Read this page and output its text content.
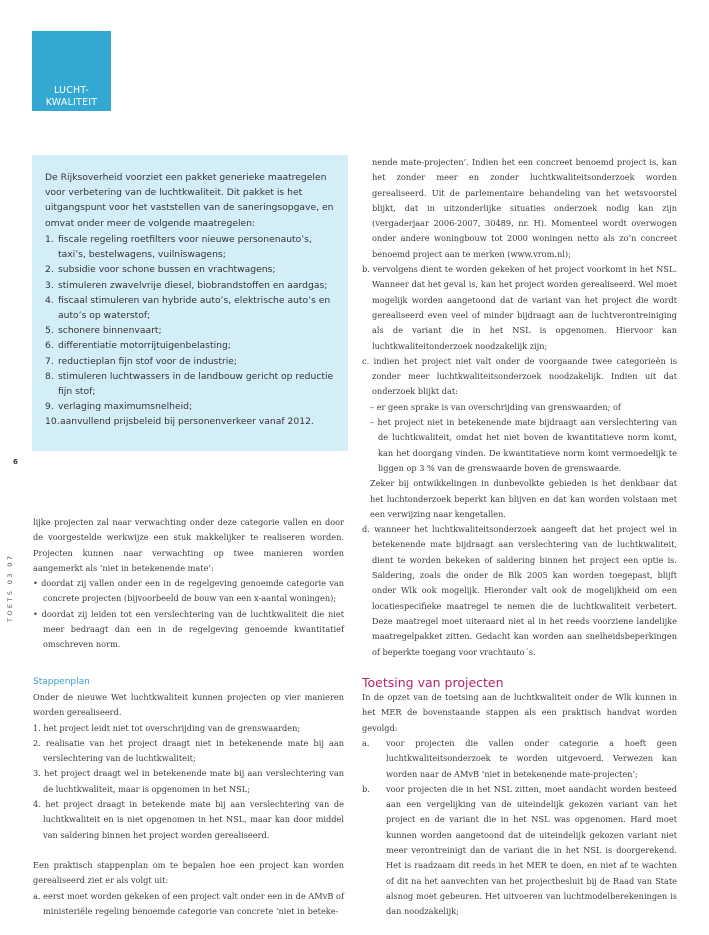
LUCHT-
KWALITEIT
De Rijksoverheid voorziet een pakket generieke maatregelen voor verbetering van de luchtkwaliteit. Dit pakket is het uitgangspunt voor het vaststellen van de saneringsopgave, en omvat onder meer de volgende maatregelen:
1. fiscale regeling roetfilters voor nieuwe personenauto’s, taxi’s, bestelwagens, vuilniswagens;
2. subsidie voor schone bussen en vrachtwagens;
3. stimuleren zwavelvrije diesel, biobrandstoffen en aardgas;
4. fiscaal stimuleren van hybride auto’s, elektrische auto’s en auto’s op waterstof;
5. schonere binnenvaart;
6. differentiatie motorrijtuigenbelasting;
7. reductieplan fijn stof voor de industrie;
8. stimuleren luchtwassers in de landbouw gericht op reductie fijn stof;
9. verlaging maximumsnelheid;
10. aanvullend prijsbeleid bij personenverkeer vanaf 2012.
6
TOETS 03 07

lijke projecten zal naar verwachting onder deze categorie vallen en door de voorgestelde werkwijze een stuk makkelijker te realiseren worden. Projecten kunnen naar verwachting op twee manieren worden aangemerkt als ‘niet in betekenende mate’:

• doordat zij vallen onder een in de regelgeving genoemde categorie van concrete projecten (bijvoorbeeld de bouw van een x-aantal woningen);

• doordat zij leiden tot een verslechtering van de luchtkwaliteit die niet meer bedraagt dan een in de regelgeving genoemde kwantitatief omschreven norm.

Stappenplan

Onder de nieuwe Wet luchtkwaliteit kunnen projecten op vier manieren worden gerealiseerd.

1. het project leidt niet tot overschrijding van de grenswaarden;

2. realisatie van het project draagt niet in betekenende mate bij aan verslechtering van de luchtkwaliteit;

3. het project draagt wel in betekenende mate bij aan verslechtering van de luchtkwaliteit, maar is opgenomen in het NSL;

4. het project draagt in betekende mate bij aan verslechtering van de luchtkwaliteit en is niet opgenomen in het NSL, maar kan door middel van saldering binnen het project worden gerealiseerd.

Een praktisch stappenplan om te bepalen hoe een project kan worden gerealiseerd ziet er als volgt uit:

a. eerst moet worden gekeken of een project valt onder een in de AMvB of ministeriële regeling benoemde categorie van concrete ‘niet in beteke-

nende mate-projecten’. Indien het een concreet benoemd project is, kan het zonder meer en zonder luchtkwaliteitsonderzoek worden gerealiseerd. Uit de parlementaire behandeling van het wetsvoorstel blijkt, dat in uitzonderlijke situaties onderzoek nodig kan zijn (vergaderjaar 2006-2007, 30489, nr. H). Momenteel wordt overwogen onder andere woningbouw tot 2000 woningen netto als zo’n concreet benoemd project aan te merken (www.vrom.nl);

b. vervolgens dient te worden gekeken of het project voorkomt in het NSL. Wanneer dat het geval is, kan het project worden gerealiseerd. Wel moet mogelijk worden aangetoond dat de variant van het project die wordt gerealiseerd even veel of minder bijdraagt aan de luchtverontreiniging als de variant die in het NSL is opgenomen. Hiervoor kan luchtkwaliteitonderzoek noodzakelijk zijn;

c. indien het project niet valt onder de voorgaande twee categorieën is zonder meer luchtkwaliteitsonderzoek noodzakelijk. Indien uit dat onderzoek blijkt dat:

– er geen sprake is van overschrijding van grenswaarden; of

– het project niet in betekenende mate bijdraagt aan verslechtering van de luchtkwaliteit, omdat het niet boven de kwantitatieve norm komt, kan het doorgang vinden. De kwantitatieve norm komt vermoedelijk te liggen op 3 % van de grenswaarde boven de grenswaarde.

Zeker bij ontwikkelingen in dunbevolkte gebieden is het denkbaar dat het luchtonderzoek beperkt kan blijven en dat kan worden volstaan met een verwijzing naar kengetallen.

d. wanneer het luchtkwaliteitsonderzoek aangeeft dat het project wel in betekenende mate bijdraagt aan verslechtering van de luchtkwaliteit, dient te worden bekeken of saldering binnen het project een optie is. Saldering, zoals die onder de Blk 2005 kan worden toegepast, blijft onder Wlk ook mogelijk. Hieronder valt ook de mogelijkheid om een locatiespecifieke maatregel te nemen die de luchtkwaliteit verbetert. Deze maatregel moet uiteraard niet al in het reeds voorziene landelijke maatregelpakket zitten. Gedacht kan worden aan snelheidsbeperkingen of beperkte toegang voor vrachtauto´s.

Toetsing van projecten

In de opzet van de toetsing aan de luchtkwaliteit onder de Wlk kunnen in het MER de bovenstaande stappen als een praktisch handvat worden gevolgd:

a. voor projecten die vallen onder categorie a hoeft geen luchtkwaliteitsonderzoek te worden uitgevoerd. Verwezen kan worden naar de AMvB ‘niet in betekenende mate-projecten’;
b. voor projecten die in het NSL zitten, moet aandacht worden besteed aan een vergelijking van de uiteindelijk gekozen variant van het project en de variant die in het NSL was opgenomen. Hard moet kunnen worden aangetoond dat de uiteindelijk gekozen variant niet meer verontreinigt dan de variant die in het NSL is doorgerekend. Het is raadzaam dit reeds in het MER te doen, en niet af te wachten of dit na het aanvechten van het projectbesluit bij de Raad van State alsnog moet gebeuren. Het uitvoeren van luchtmodelberekeningen is dan noodzakelijk;
